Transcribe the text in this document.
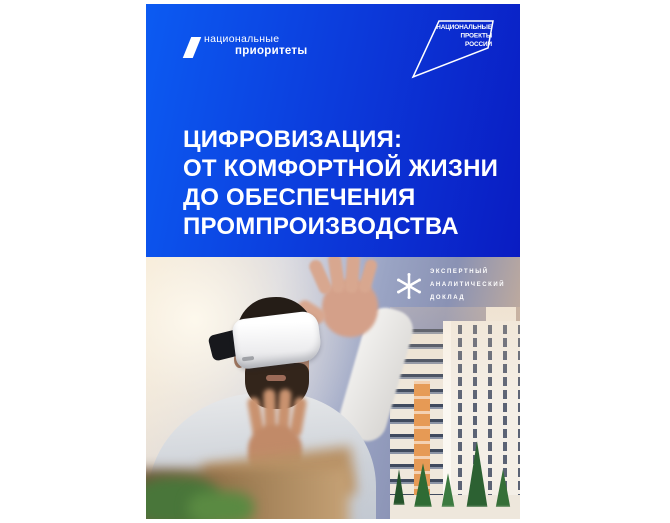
национальные
приоритеты
НАЦИОНАЛЬНЫЕ
ПРОЕКТЫ
РОССИИ
ЦИФРОВИЗАЦИЯ:
ОТ КОМФОРТНОЙ ЖИЗНИ
ДО ОБЕСПЕЧЕНИЯ
ПРОМПРОИЗВОДСТВА
ЭКСПЕРТНЫЙ
АНАЛИТИЧЕСКИЙ
ДОКЛАД
